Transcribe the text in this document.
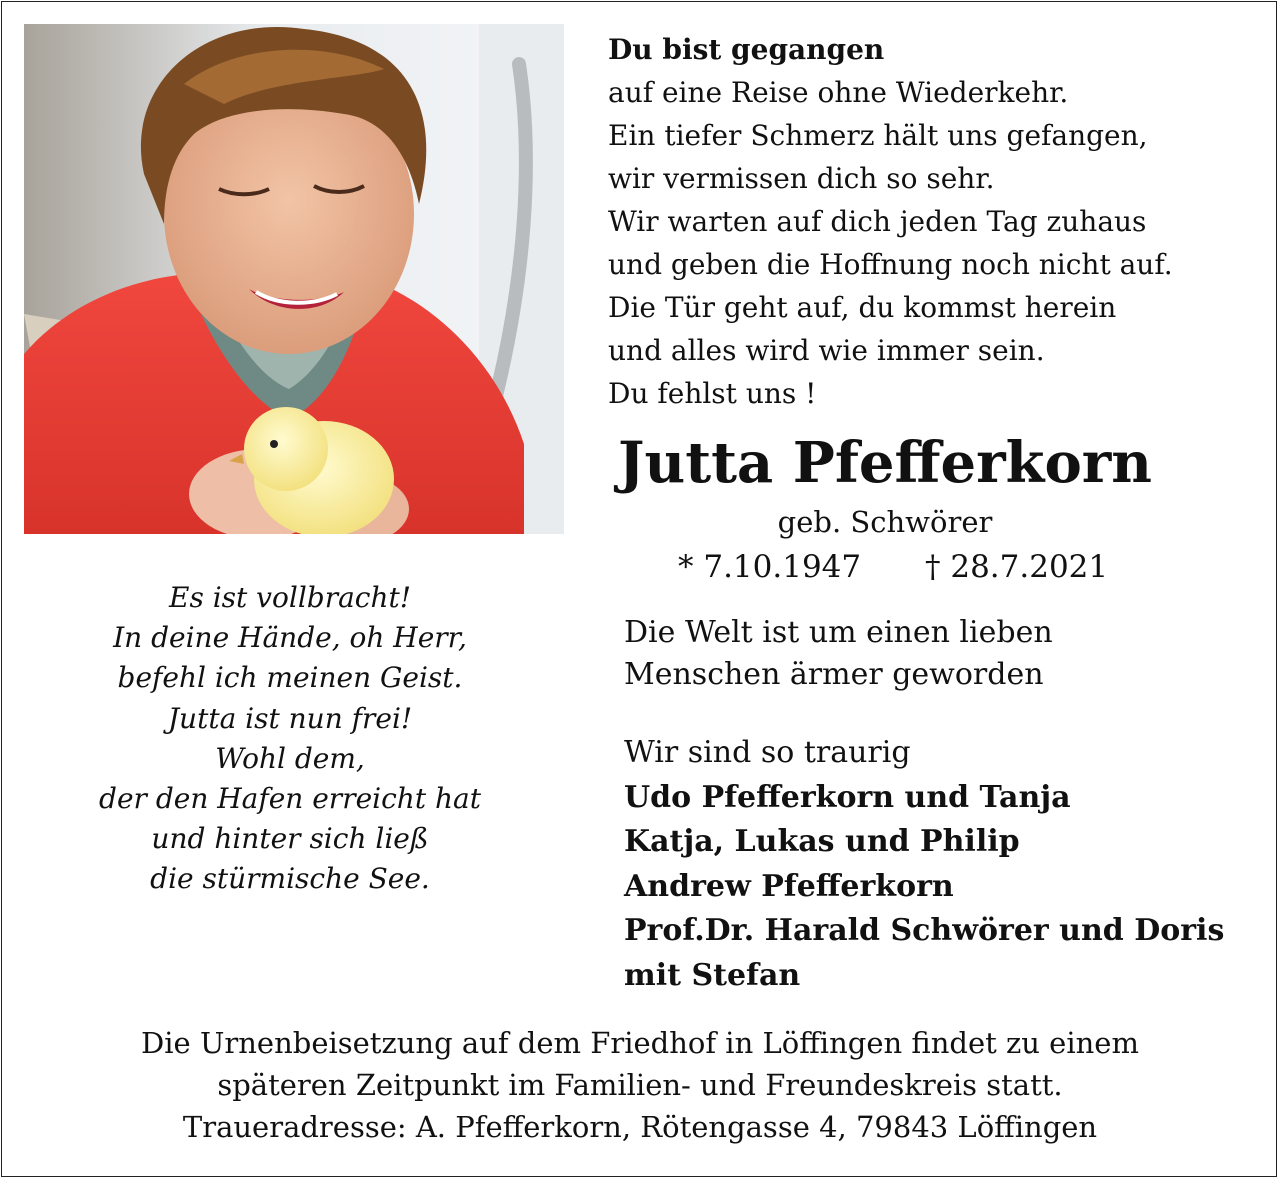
Du bist gegangen
auf eine Reise ohne Wiederkehr.
Ein tiefer Schmerz hält uns gefangen,
wir vermissen dich so sehr.
Wir warten auf dich jeden Tag zuhaus
und geben die Hoffnung noch nicht auf.
Die Tür geht auf, du kommst herein
und alles wird wie immer sein.
Du fehlst uns !
Jutta Pfefferkorn
geb. Schwörer
* 7.10.1947 † 28.7.2021
Die Welt ist um einen lieben
Menschen ärmer geworden
Wir sind so traurig
Udo Pfefferkorn und Tanja
Katja, Lukas und Philip
Andrew Pfefferkorn
Prof.Dr. Harald Schwörer und Doris
mit Stefan
Es ist vollbracht!
In deine Hände, oh Herr,
befehl ich meinen Geist.
Jutta ist nun frei!
Wohl dem,
der den Hafen erreicht hat
und hinter sich ließ
die stürmische See.
Die Urnenbeisetzung auf dem Friedhof in Löffingen findet zu einem
späteren Zeitpunkt im Familien- und Freundeskreis statt.
Traueradresse: A. Pfefferkorn, Rötengasse 4, 79843 Löffingen
